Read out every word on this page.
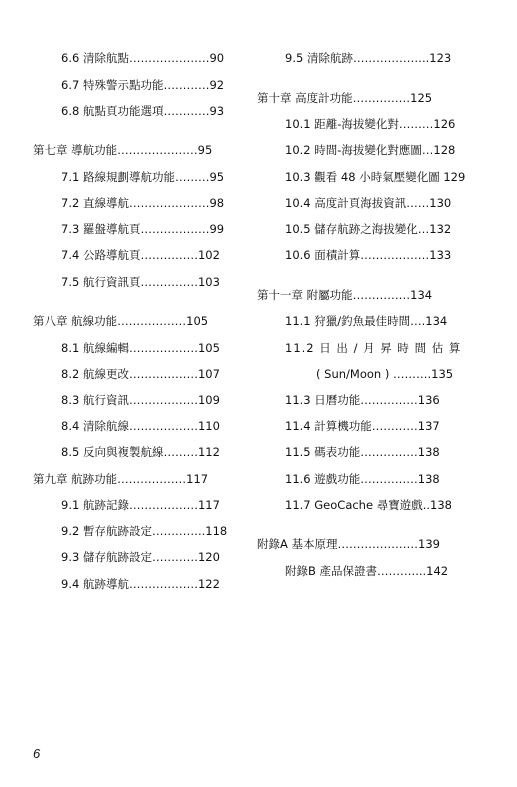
6.6 清除航點…………………90
6.7 特殊警示點功能…………92
6.8 航點頁功能選項…………93
第七章 導航功能…………………95
7.1 路線規劃導航功能………95
7.2 直線導航…………………98
7.3 羅盤導航頁………………99
7.4 公路導航頁……………102
7.5 航行資訊頁……………103
第八章 航線功能………………105
8.1 航線編輯………………105
8.2 航線更改………………107
8.3 航行資訊………………109
8.4 清除航線………………110
8.5 反向與複製航線………112
第九章 航跡功能………………117
9.1 航跡記錄………………117
9.2 暫存航跡設定…………..118
9.3 儲存航跡設定…………120
9.4 航跡導航………………122
9.5 清除航跡………………..123
第十章 高度計功能……………125
10.1 距離-海拔變化對………126
10.2 時間-海拔變化對應圖…128
10.3 觀看 48 小時氣壓變化圖 129
10.4 高度計頁海拔資訊……130
10.5 儲存航跡之海拔變化…132
10.6 面積計算………………133
第十一章 附屬功能……………134
11.1 狩獵/釣魚最佳時間….134
11.2 日 出 / 月 昇 時 間 估 算
( Sun/Moon ) ……….135
11.3 日曆功能……………136
11.4 計算機功能…………137
11.5 碼表功能……………138
11.6 遊戲功能……………138
11.7 GeoCache 尋寶遊戲..138
附錄A 基本原理…………………139
附錄B 產品保證書………....142
6
